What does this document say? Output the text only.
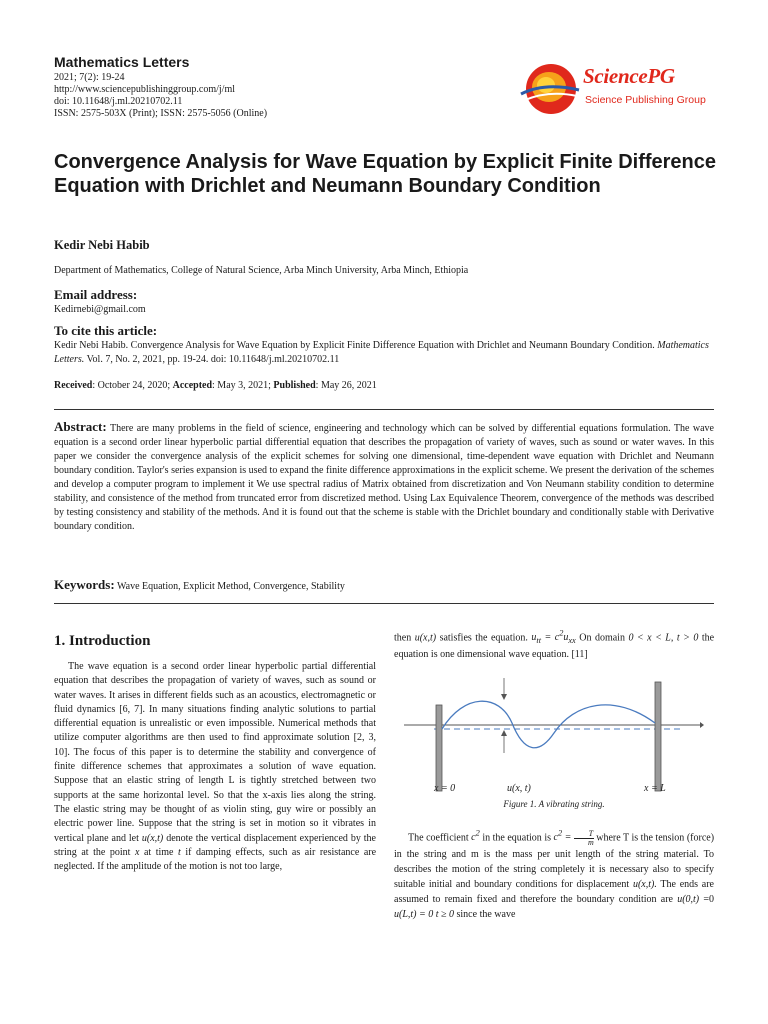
Mathematics Letters
2021; 7(2): 19-24
http://www.sciencepublishinggroup.com/j/ml
doi: 10.11648/j.ml.20210702.11
ISSN: 2575-503X (Print); ISSN: 2575-5056 (Online)
SciencePG
Science Publishing Group
Convergence Analysis for Wave Equation by Explicit Finite Difference Equation with Drichlet and Neumann Boundary Condition
Kedir Nebi Habib
Department of Mathematics, College of Natural Science, Arba Minch University, Arba Minch, Ethiopia
Email address:
Kedirnebi@gmail.com
To cite this article:
Kedir Nebi Habib. Convergence Analysis for Wave Equation by Explicit Finite Difference Equation with Drichlet and Neumann Boundary Condition. Mathematics Letters. Vol. 7, No. 2, 2021, pp. 19-24. doi: 10.11648/j.ml.20210702.11
Received: October 24, 2020; Accepted: May 3, 2021; Published: May 26, 2021
Abstract: There are many problems in the field of science, engineering and technology which can be solved by differential equations formulation. The wave equation is a second order linear hyperbolic partial differential equation that describes the propagation of variety of waves, such as sound or water waves. In this paper we consider the convergence analysis of the explicit schemes for solving one dimensional, time-dependent wave equation with Drichlet and Neumann boundary condition. Taylor's series expansion is used to expand the finite difference approximations in the explicit scheme. We present the derivation of the schemes and develop a computer program to implement it We use spectral radius of Matrix obtained from discretization and Von Neumann stability condition to determine stability, and consistence of the method from truncated error from discretized method. Using Lax Equivalence Theorem, convergence of the methods was described by testing consistency and stability of the methods. And it is found out that the scheme is stable with the Drichlet boundary and conditionally stable with Derivative boundary condition.
Keywords: Wave Equation, Explicit Method, Convergence, Stability
1. Introduction

The wave equation is a second order linear hyperbolic partial differential equation that describes the propagation of variety of waves, such as sound or water waves. It arises in different fields such as an acoustics, electromagnetic or fluid dynamics [6, 7]. In many situations finding analytic solutions to partial differential equation is unrealistic or even impossible. Numerical methods that utilize computer algorithms are then used to find approximate solution [2, 3, 10]. The focus of this paper is to determine the stability and convergence of finite difference schemes that approximates a solution of wave equation. Suppose that an elastic string of length L is tightly stretched between two supports at the same horizontal level. So that the x-axis lies along the string. The elastic string may be thought of as violin sting, guy wire or possibly an electric power line. Suppose that the string is set in motion so it vibrates in vertical plane and let u(x,t) denote the vertical displacement experienced by the string at the point x at time t if damping effects, such as air resistance are neglected. If the amplitude of the motion is not too large,

then u(x,t) satisfies the equation. $u_{tt} = c^2u_{xx}$ On domain 0 < x < L, t > 0 the equation is one dimensional wave equation. [11]
x = 0	u(x, t)	x = L
Figure 1. A vibrating string.

The coefficient $c^2$ in the equation is $c^2 = \frac{T}{m}$ where T is the tension (force) in the string and m is the mass per unit length of the string material. To describes the motion of the string completely it is necessary also to specify suitable initial and boundary conditions for displacement u(x,t). The ends are assumed to remain fixed and therefore the boundary condition are u(0,t) =0 u(L,t) = 0 t ≥ 0 since the wave
